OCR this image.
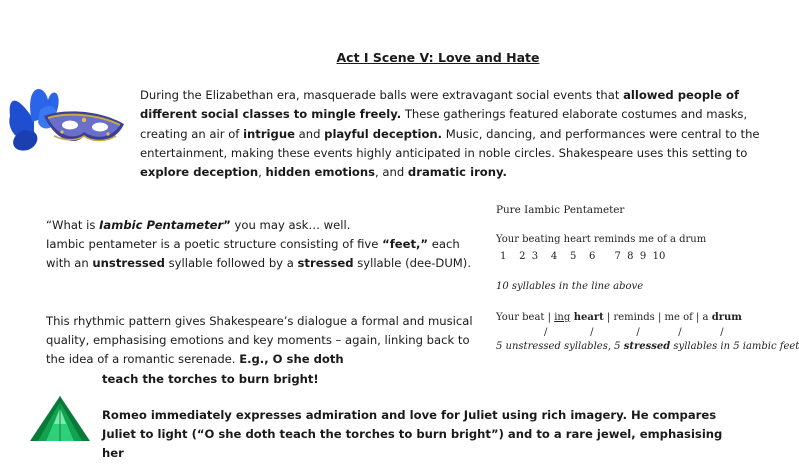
Act I Scene V: Love and Hate
During the Elizabethan era, masquerade balls were extravagant social events that allowed people of different social classes to mingle freely. These gatherings featured elaborate costumes and masks, creating an air of intrigue and playful deception. Music, dancing, and performances were central to the entertainment, making these events highly anticipated in noble circles. Shakespeare uses this setting to explore deception, hidden emotions, and dramatic irony.

“What is Iambic Pentameter” you may ask… well.

Iambic pentameter is a poetic structure consisting of five “feet,” each with an unstressed syllable followed by a stressed syllable (dee-DUM).

This rhythmic pattern gives Shakespeare’s dialogue a formal and musical quality, emphasising emotions and key moments – again, linking back to the idea of a romantic serenade. E.g., O she doth
teach the torches to burn bright!

Pure Iambic Pentameter
Your beating heart reminds me of a drum
1    2  3    4    5    6      7  8  9  10
10 syllables in the line above
Your beat | ing heart | reminds | me of | a drum
/          /          /         /         /
5 unstressed syllables, 5 stressed syllables in 5 iambic feet

Romeo immediately expresses admiration and love for Juliet using rich imagery. He compares Juliet to light (“O she doth teach the torches to burn bright”) and to a rare jewel, emphasising her
